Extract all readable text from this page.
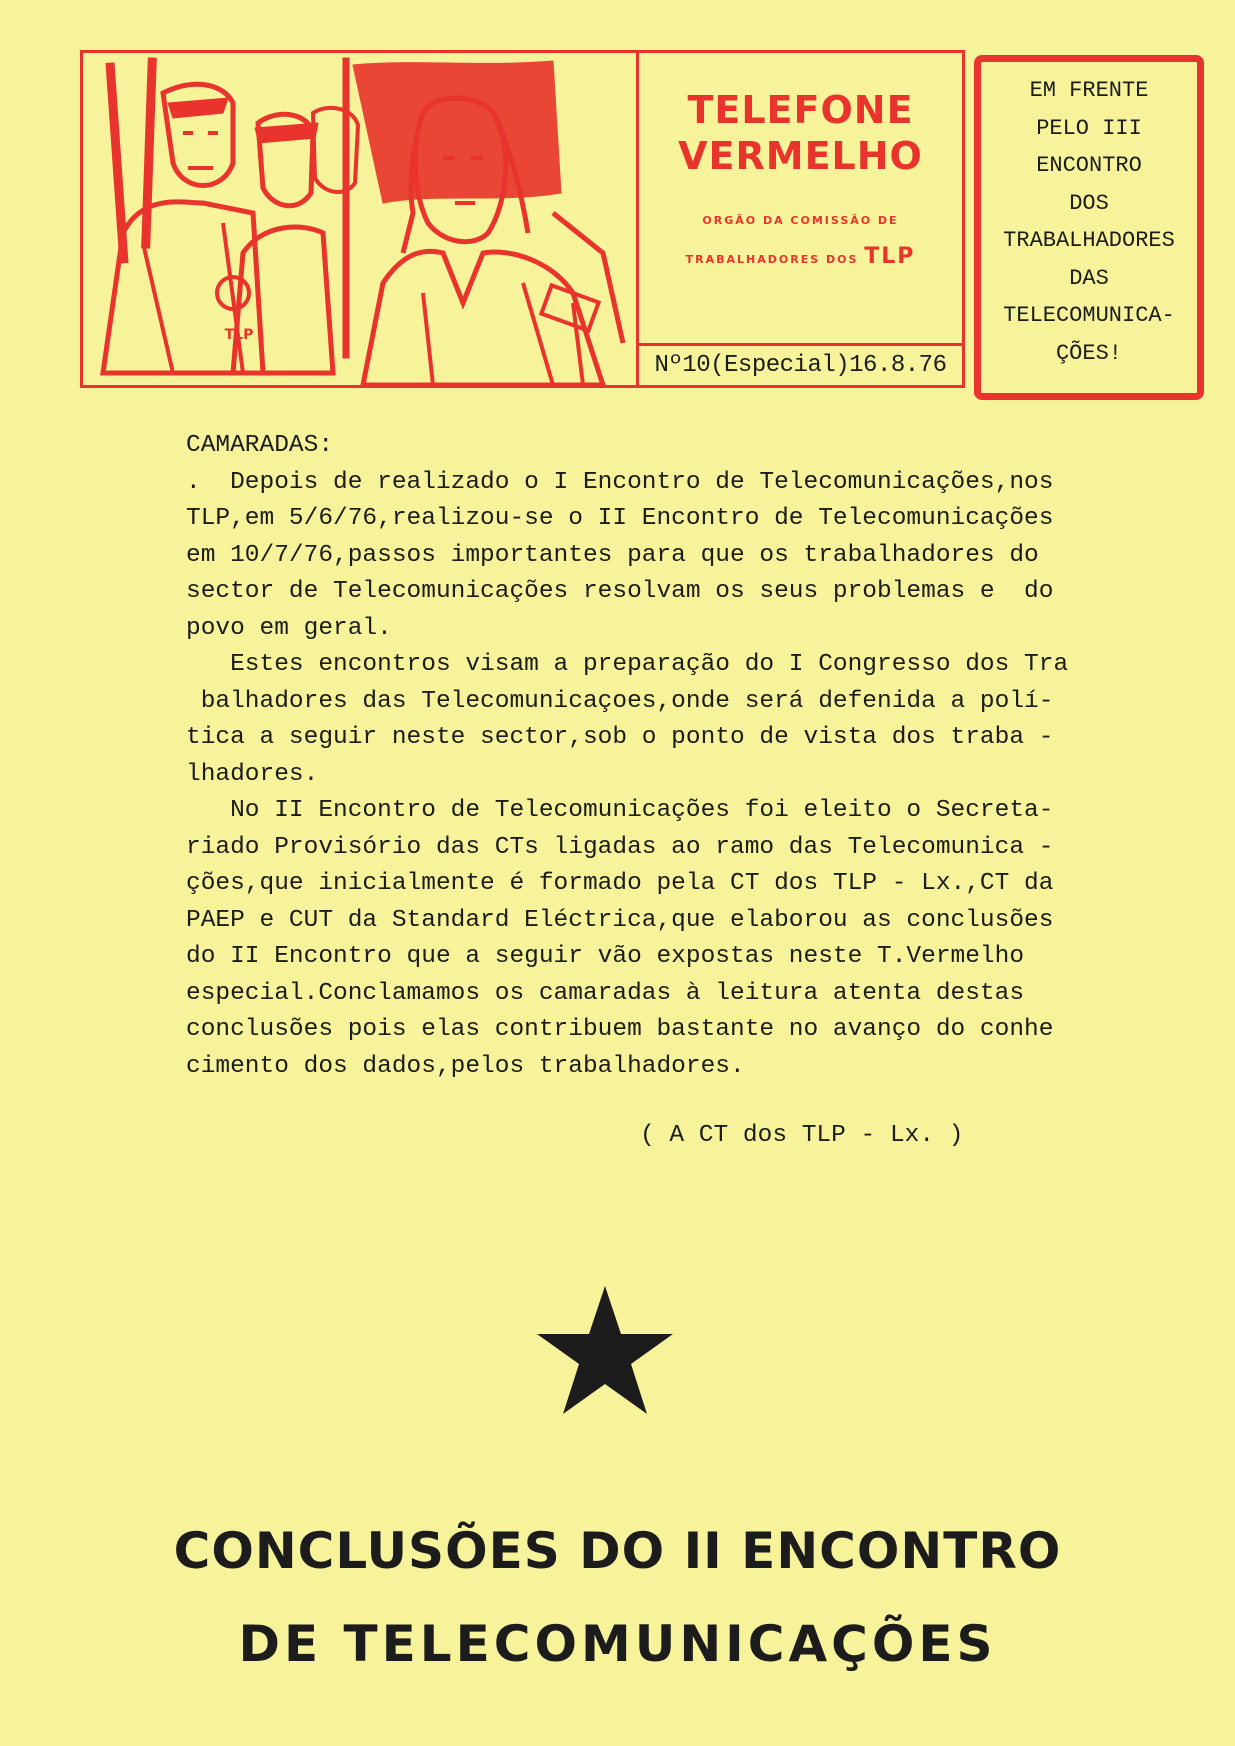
TLP
TELEFONE
VERMELHO
ORGÃO DA COMISSÃO DE
TRABALHADORES DOS TLP
Nº10(Especial)16.8.76
EM FRENTE
PELO III
ENCONTRO
DOS
TRABALHADORES
DAS
TELECOMUNICA-
ÇÕES!
CAMARADAS:
.  Depois de realizado o I Encontro de Telecomunicações,nos
TLP,em 5/6/76,realizou-se o II Encontro de Telecomunicações
em 10/7/76,passos importantes para que os trabalhadores do
sector de Telecomunicações resolvam os seus problemas e  do
povo em geral.
Estes encontros visam a preparação do I Congresso dos Tra
balhadores das Telecomunicaçoes,onde será defenida a polí-
tica a seguir neste sector,sob o ponto de vista dos traba -
lhadores.
No II Encontro de Telecomunicações foi eleito o Secreta-
riado Provisório das CTs ligadas ao ramo das Telecomunica -
ções,que inicialmente é formado pela CT dos TLP - Lx.,CT da
PAEP e CUT da Standard Eléctrica,que elaborou as conclusões
do II Encontro que a seguir vão expostas neste T.Vermelho
especial.Conclamamos os camaradas à leitura atenta destas
conclusões pois elas contribuem bastante no avanço do conhe
cimento dos dados,pelos trabalhadores.
( A CT dos TLP - Lx. )
CONCLUSÕES DO II ENCONTRO
DE TELECOMUNICAÇÕES
